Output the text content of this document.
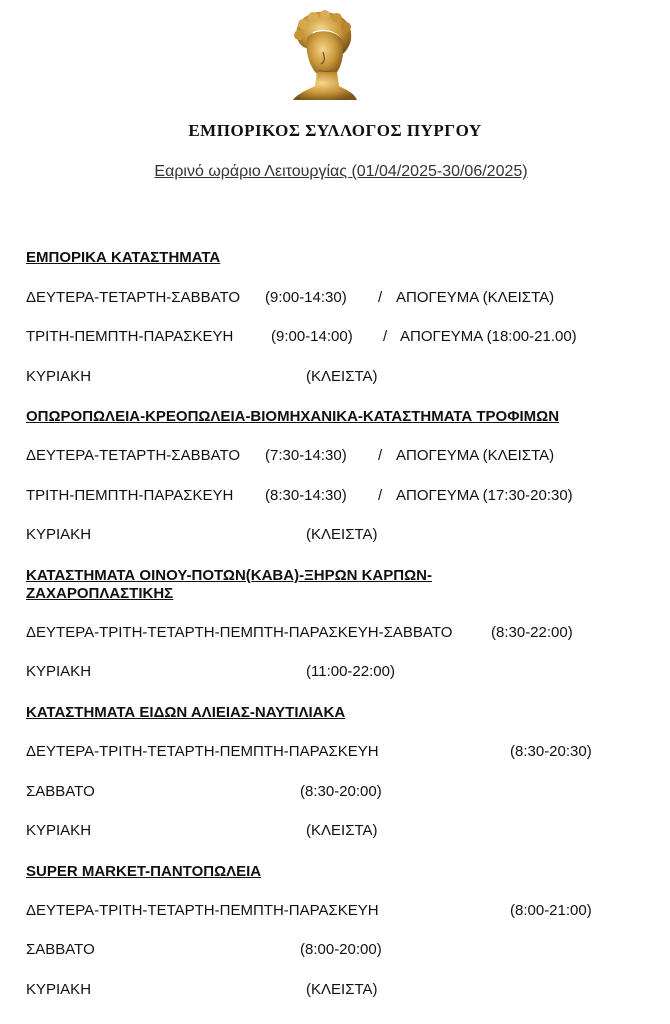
ΕΜΠΟΡΙΚΟΣ ΣΥΛΛΟΓΟΣ ΠΥΡΓΟΥ
Εαρινό ωράριο Λειτουργίας (01/04/2025-30/06/2025)
ΕΜΠΟΡΙΚΑ ΚΑΤΑΣΤΗΜΑΤΑ
ΔΕΥΤΕΡΑ-ΤΕΤΑΡΤΗ-ΣΑΒΒΑΤΟ (9:00-14:30) / ΑΠΟΓΕΥΜΑ (ΚΛΕΙΣΤΑ)
ΤΡΙΤΗ-ΠΕΜΠΤΗ-ΠΑΡΑΣΚΕΥΗ	(9:00-14:00) / ΑΠΟΓΕΥΜΑ (18:00-21.00)
ΚΥΡΙΑΚΗ	(ΚΛΕΙΣΤΑ)
ΟΠΩΡΟΠΩΛΕΙΑ-ΚΡΕΟΠΩΛΕΙΑ-ΒΙΟΜΗΧΑΝΙΚΑ-ΚΑΤΑΣΤΗΜΑΤΑ ΤΡΟΦΙΜΩΝ
ΔΕΥΤΕΡΑ-ΤΕΤΑΡΤΗ-ΣΑΒΒΑΤΟ (7:30-14:30) / ΑΠΟΓΕΥΜΑ (ΚΛΕΙΣΤΑ)
ΤΡΙΤΗ-ΠΕΜΠΤΗ-ΠΑΡΑΣΚΕΥΗ (8:30-14:30) / ΑΠΟΓΕΥΜΑ (17:30-20:30)
ΚΥΡΙΑΚΗ	(ΚΛΕΙΣΤΑ)
ΚΑΤΑΣΤΗΜΑΤΑ ΟΙΝΟΥ-ΠΟΤΩΝ(ΚΑΒΑ)-ΞΗΡΩΝ ΚΑΡΠΩΝ-
ΖΑΧΑΡΟΠΛΑΣΤΙΚΗΣ
ΔΕΥΤΕΡΑ-ΤΡΙΤΗ-ΤΕΤΑΡΤΗ-ΠΕΜΠΤΗ-ΠΑΡΑΣΚΕΥΗ-ΣΑΒΒΑΤΟ	(8:30-22:00)
ΚΥΡΙΑΚΗ	(11:00-22:00)
ΚΑΤΑΣΤΗΜΑΤΑ ΕΙΔΩΝ ΑΛΙΕΙΑΣ-ΝΑΥΤΙΛΙΑΚΑ
ΔΕΥΤΕΡΑ-ΤΡΙΤΗ-ΤΕΤΑΡΤΗ-ΠΕΜΠΤΗ-ΠΑΡΑΣΚΕΥΗ	(8:30-20:30)
ΣΑΒΒΑΤΟ	(8:30-20:00)
ΚΥΡΙΑΚΗ	(ΚΛΕΙΣΤΑ)
SUPER MARKET-ΠΑΝΤΟΠΩΛΕΙΑ
ΔΕΥΤΕΡΑ-ΤΡΙΤΗ-ΤΕΤΑΡΤΗ-ΠΕΜΠΤΗ-ΠΑΡΑΣΚΕΥΗ	(8:00-21:00)
ΣΑΒΒΑΤΟ	(8:00-20:00)
ΚΥΡΙΑΚΗ	(ΚΛΕΙΣΤΑ)
